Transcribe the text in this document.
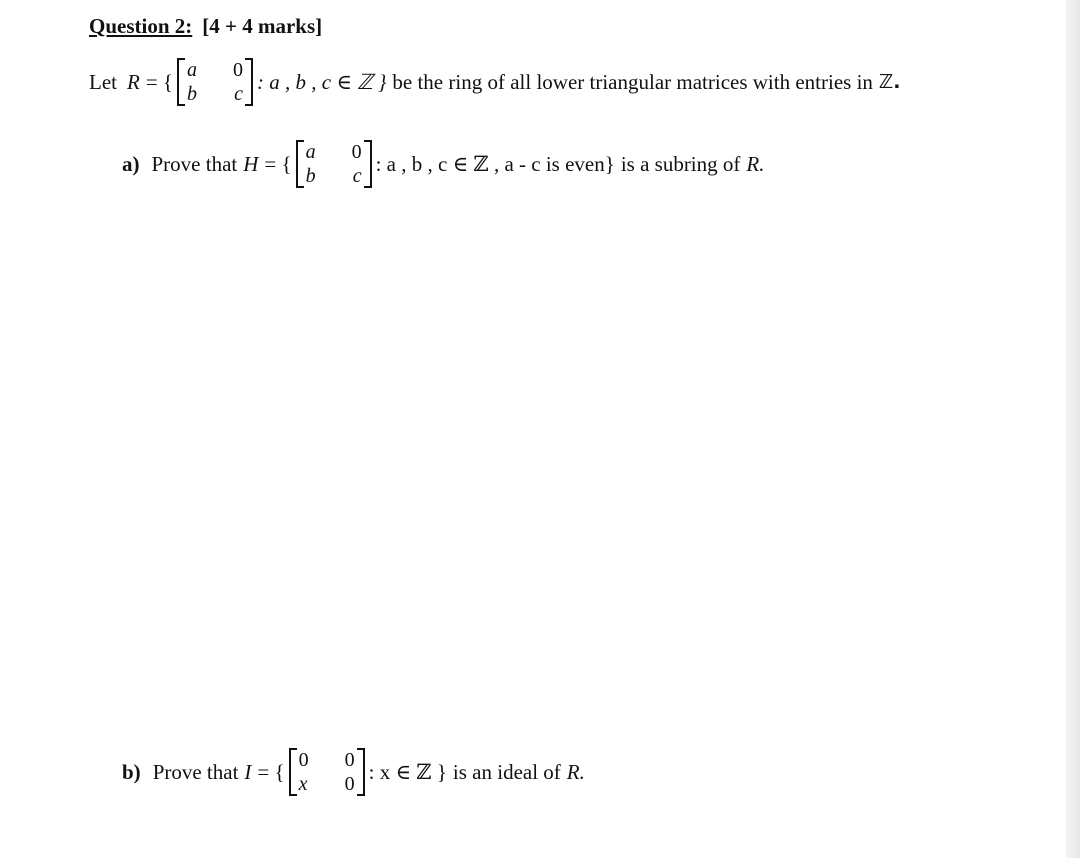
Question 2: [4 + 4 marks]
Let R = { a	0
b	c
: a , b , c ∈ ℤ } be the ring of all lower triangular matrices with entries in ℤ.
a) Prove that H = { a	0
b	c
: a , b , c ∈ ℤ , a - c is even} is a subring of R.
b) Prove that I = { 0	0
x	0
: x ∈ ℤ } is an ideal of R.
